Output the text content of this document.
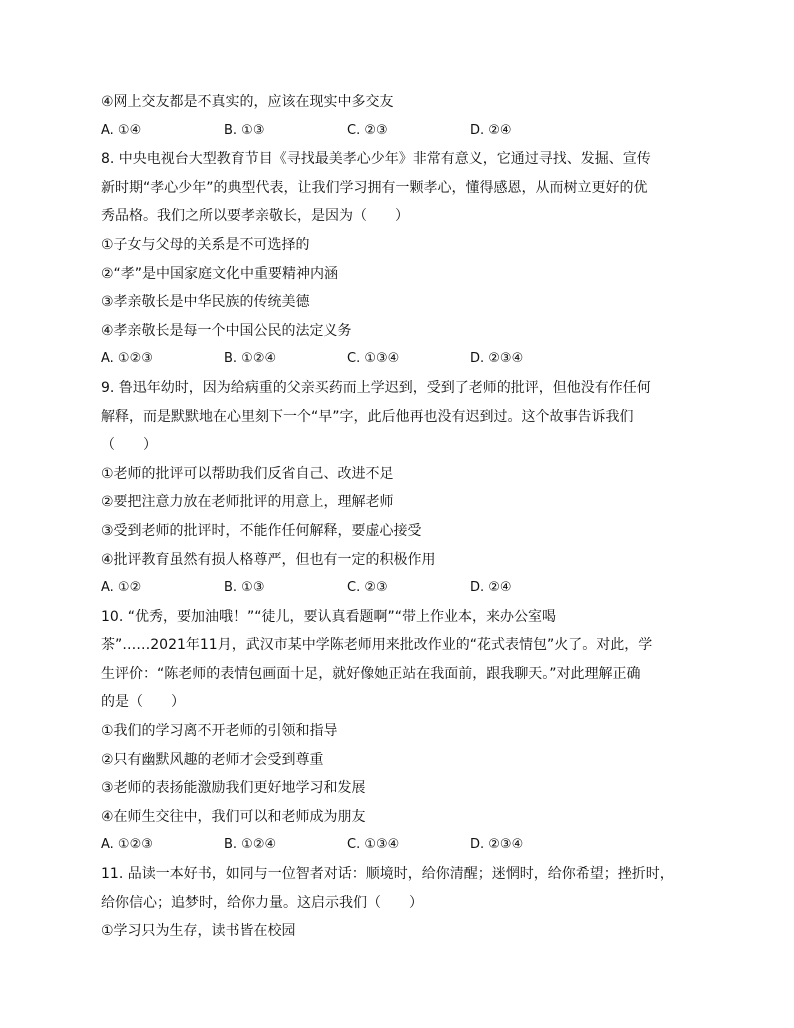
④网上交友都是不真实的，应该在现实中多交友
A. ①④	B. ①③	C. ②③	D. ②④
8. 中央电视台大型教育节目《寻找最美孝心少年》非常有意义，它通过寻找、发掘、宣传
新时期“孝心少年”的典型代表，让我们学习拥有一颗孝心，懂得感恩，从而树立更好的优
秀品格。我们之所以要孝亲敬长，是因为（　　）
①子女与父母的关系是不可选择的
②“孝”是中国家庭文化中重要精神内涵
③孝亲敬长是中华民族的传统美德
④孝亲敬长是每一个中国公民的法定义务
A. ①②③	B. ①②④	C. ①③④	D. ②③④
9. 鲁迅年幼时，因为给病重的父亲买药而上学迟到，受到了老师的批评，但他没有作任何
解释，而是默默地在心里刻下一个“早”字，此后他再也没有迟到过。这个故事告诉我们
（　　）
①老师的批评可以帮助我们反省自己、改进不足
②要把注意力放在老师批评的用意上，理解老师
③受到老师的批评时，不能作任何解释，要虚心接受
④批评教育虽然有损人格尊严，但也有一定的积极作用
A. ①②	B. ①③	C. ②③	D. ②④
10. “优秀，要加油哦！”“徒儿，要认真看题啊”“带上作业本，来办公室喝
茶”……2021年11月，武汉市某中学陈老师用来批改作业的“花式表情包”火了。对此，学
生评价：“陈老师的表情包画面十足，就好像她正站在我面前，跟我聊天。”对此理解正确
的是（　　）
①我们的学习离不开老师的引领和指导
②只有幽默风趣的老师才会受到尊重
③老师的表扬能激励我们更好地学习和发展
④在师生交往中，我们可以和老师成为朋友
A. ①②③	B. ①②④	C. ①③④	D. ②③④
11. 品读一本好书，如同与一位智者对话：顺境时，给你清醒；迷惘时，给你希望；挫折时，
给你信心；追梦时，给你力量。这启示我们（　　）
①学习只为生存，读书皆在校园
